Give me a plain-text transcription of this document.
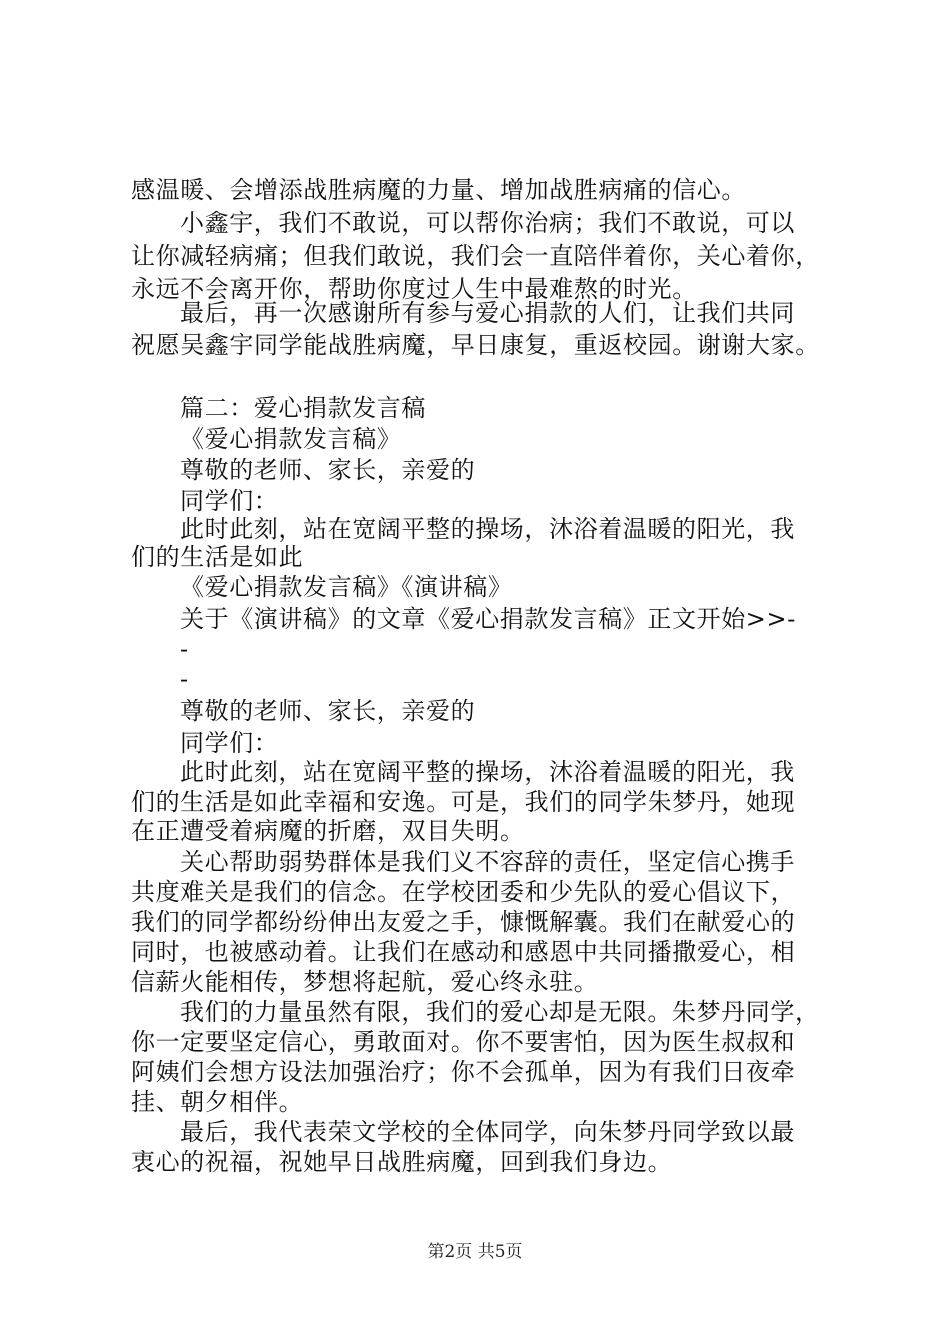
感温暖、会增添战胜病魔的力量、增加战胜病痛的信心。
小鑫宇，我们不敢说，可以帮你治病；我们不敢说，可以
让你减轻病痛；但我们敢说，我们会一直陪伴着你，关心着你，
永远不会离开你，帮助你度过人生中最难熬的时光。
最后，再一次感谢所有参与爱心捐款的人们，让我们共同
祝愿吴鑫宇同学能战胜病魔，早日康复，重返校园。谢谢大家。
篇二：爱心捐款发言稿
《爱心捐款发言稿》
尊敬的老师、家长，亲爱的
同学们：
此时此刻，站在宽阔平整的操场，沐浴着温暖的阳光，我
们的生活是如此
《爱心捐款发言稿》《演讲稿》
关于《演讲稿》的文章《爱心捐款发言稿》正文开始>>-
-
-
尊敬的老师、家长，亲爱的
同学们：
此时此刻，站在宽阔平整的操场，沐浴着温暖的阳光，我
们的生活是如此幸福和安逸。可是，我们的同学朱梦丹，她现
在正遭受着病魔的折磨，双目失明。
关心帮助弱势群体是我们义不容辞的责任，坚定信心携手
共度难关是我们的信念。在学校团委和少先队的爱心倡议下，
我们的同学都纷纷伸出友爱之手，慷慨解囊。我们在献爱心的
同时，也被感动着。让我们在感动和感恩中共同播撒爱心，相
信薪火能相传，梦想将起航，爱心终永驻。
我们的力量虽然有限，我们的爱心却是无限。朱梦丹同学，
你一定要坚定信心，勇敢面对。你不要害怕，因为医生叔叔和
阿姨们会想方设法加强治疗；你不会孤单，因为有我们日夜牵
挂、朝夕相伴。
最后，我代表荣文学校的全体同学，向朱梦丹同学致以最
衷心的祝福，祝她早日战胜病魔，回到我们身边。
第2页 共5页
